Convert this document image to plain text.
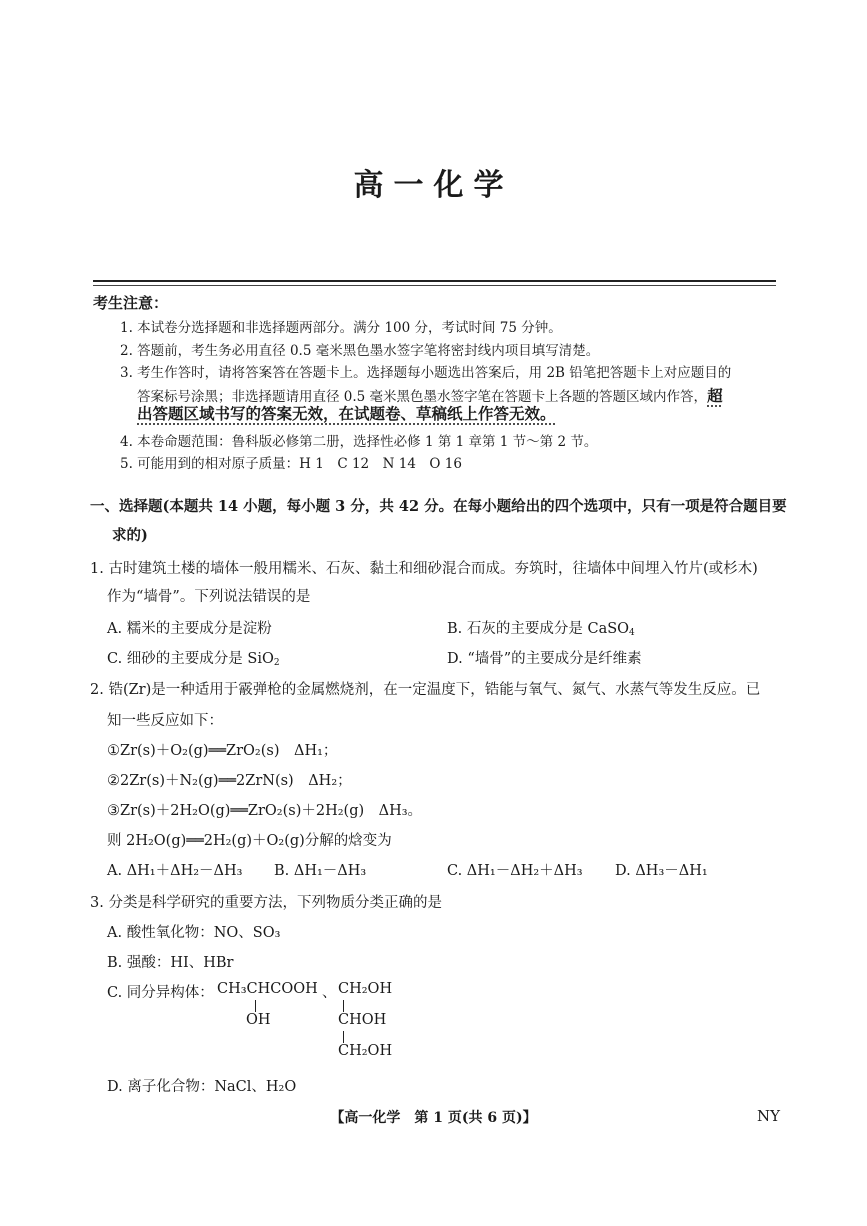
高一化学
考生注意：
1. 本试卷分选择题和非选择题两部分。满分 100 分，考试时间 75 分钟。
2. 答题前，考生务必用直径 0.5 毫米黑色墨水签字笔将密封线内项目填写清楚。
3. 考生作答时，请将答案答在答题卡上。选择题每小题选出答案后，用 2B 铅笔把答题卡上对应题目的
答案标号涂黑；非选择题请用直径 0.5 毫米黑色墨水签字笔在答题卡上各题的答题区域内作答，超
出答题区域书写的答案无效，在试题卷、草稿纸上作答无效。
4. 本卷命题范围：鲁科版必修第二册，选择性必修 1 第 1 章第 1 节～第 2 节。
5. 可能用到的相对原子质量：H 1　C 12　N 14　O 16
一、选择题(本题共 14 小题，每小题 3 分，共 42 分。在每小题给出的四个选项中，只有一项是符合题目要
求的)
1. 古时建筑土楼的墙体一般用糯米、石灰、黏土和细砂混合而成。夯筑时，往墙体中间埋入竹片(或杉木)
作为“墙骨”。下列说法错误的是
A. 糯米的主要成分是淀粉	B. 石灰的主要成分是 CaSO$_4$
C. 细砂的主要成分是 SiO$_2$	D. “墙骨”的主要成分是纤维素
2. 锆(Zr)是一种适用于霰弹枪的金属燃烧剂，在一定温度下，锆能与氧气、氮气、水蒸气等发生反应。已
知一些反应如下：
①Zr(s)＋O₂(g)══ZrO₂(s)　ΔH₁；
②2Zr(s)＋N₂(g)══2ZrN(s)　ΔH₂；
③Zr(s)＋2H₂O(g)══ZrO₂(s)＋2H₂(g)　ΔH₃。
则 2H₂O(g)══2H₂(g)＋O₂(g)分解的焓变为
A. ΔH₁＋ΔH₂－ΔH₃ B. ΔH₁－ΔH₃	C. ΔH₁－ΔH₂＋ΔH₃ D. ΔH₃－ΔH₁
3. 分类是科学研究的重要方法，下列物质分类正确的是
A. 酸性氧化物：NO、SO₃
B. 强酸：HI、HBr
C. 同分异构体： CH₃CHCOOH 、
OH
CH₂OH
CHOH
CH₂OH
D. 离子化合物：NaCl、H₂O
【高一化学　第 1 页(共 6 页)】	NY
